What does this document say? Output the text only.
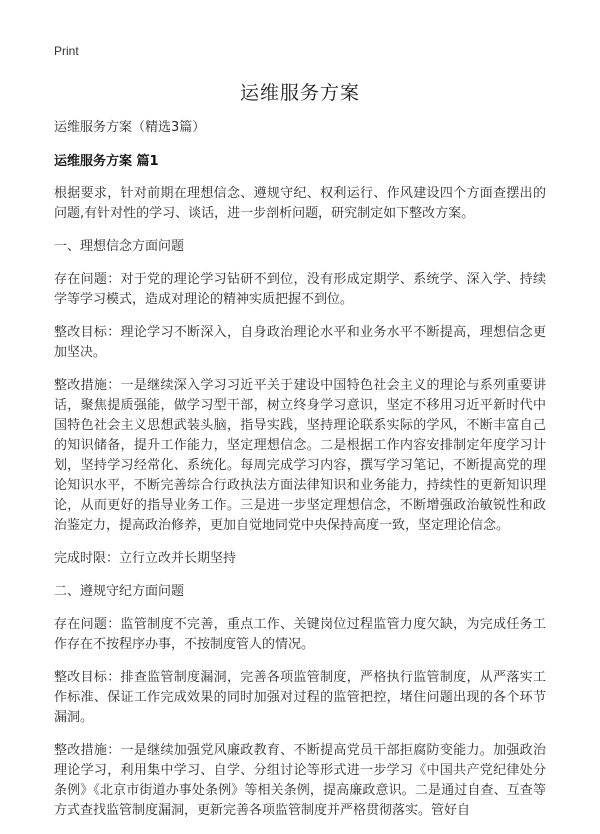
Print
运维服务方案
运维服务方案（精选3篇）
运维服务方案 篇1

根据要求，针对前期在理想信念、遵规守纪、权利运行、作风建设四个方面查摆出的问题,有针对性的学习、谈话，进一步剖析问题，研究制定如下整改方案。

一、理想信念方面问题

存在问题：对于党的理论学习钻研不到位，没有形成定期学、系统学、深入学、持续学等学习模式，造成对理论的精神实质把握不到位。

整改目标：理论学习不断深入，自身政治理论水平和业务水平不断提高，理想信念更加坚决。

整改措施：一是继续深入学习习近平关于建设中国特色社会主义的理论与系列重要讲话，聚焦提质强能，做学习型干部，树立终身学习意识，坚定不移用习近平新时代中国特色社会主义思想武装头脑，指导实践，坚持理论联系实际的学风，不断丰富自己的知识储备，提升工作能力，坚定理想信念。二是根据工作内容安排制定年度学习计划，坚持学习经常化、系统化。每周完成学习内容，撰写学习笔记，不断提高党的理论知识水平，不断完善综合行政执法方面法律知识和业务能力，持续性的更新知识理论，从而更好的指导业务工作。三是进一步坚定理想信念，不断增强政治敏锐性和政治鉴定力，提高政治修养，更加自觉地同党中央保持高度一致，坚定理论信念。

完成时限：立行立改并长期坚持

二、遵规守纪方面问题

存在问题：监管制度不完善，重点工作、关键岗位过程监管力度欠缺，为完成任务工作存在不按程序办事，不按制度管人的情况。

整改目标：排查监管制度漏洞，完善各项监管制度，严格执行监管制度，从严落实工作标准、保证工作完成效果的同时加强对过程的监管把控，堵住问题出现的各个环节漏洞。

整改措施：一是继续加强党风廉政教育、不断提高党员干部拒腐防变能力。加强政治理论学习，利用集中学习、自学、分组讨论等形式进一步学习《中国共产党纪律处分条例》《北京市街道办事处条例》等相关条例，提高廉政意识。二是通过自查、互查等方式查找监管制度漏洞，更新完善各项监管制度并严格贯彻落实。管好自
